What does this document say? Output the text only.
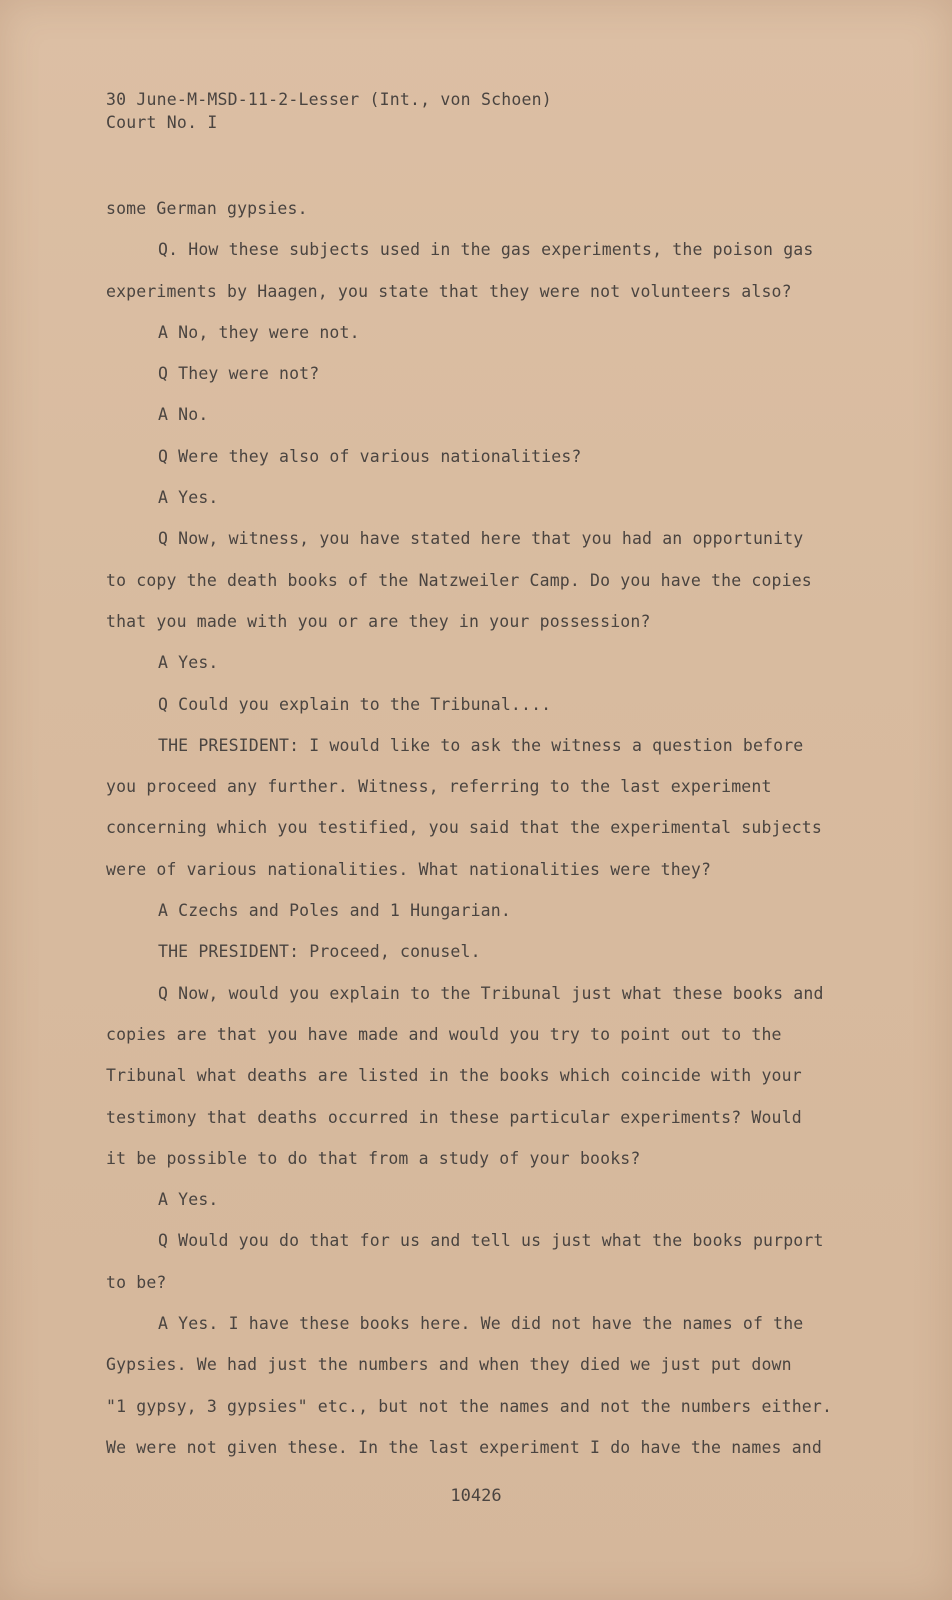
30 June-M-MSD-11-2-Lesser (Int., von Schoen)
Court No. I
some German gypsies.
Q. How these subjects used in the gas experiments, the poison gas
experiments by Haagen, you state that they were not volunteers also?
A No, they were not.
Q They were not?
A No.
Q Were they also of various nationalities?
A Yes.
Q Now, witness, you have stated here that you had an opportunity
to copy the death books of the Natzweiler Camp. Do you have the copies
that you made with you or are they in your possession?
A Yes.
Q Could you explain to the Tribunal....
THE PRESIDENT: I would like to ask the witness a question before
you proceed any further. Witness, referring to the last experiment
concerning which you testified, you said that the experimental subjects
were of various nationalities. What nationalities were they?
A Czechs and Poles and 1 Hungarian.
THE PRESIDENT: Proceed, conusel.
Q Now, would you explain to the Tribunal just what these books and
copies are that you have made and would you try to point out to the
Tribunal what deaths are listed in the books which coincide with your
testimony that deaths occurred in these particular experiments? Would
it be possible to do that from a study of your books?
A Yes.
Q Would you do that for us and tell us just what the books purport
to be?
A Yes. I have these books here. We did not have the names of the
Gypsies. We had just the numbers and when they died we just put down
"1 gypsy, 3 gypsies" etc., but not the names and not the numbers either.
We were not given these. In the last experiment I do have the names and
10426
